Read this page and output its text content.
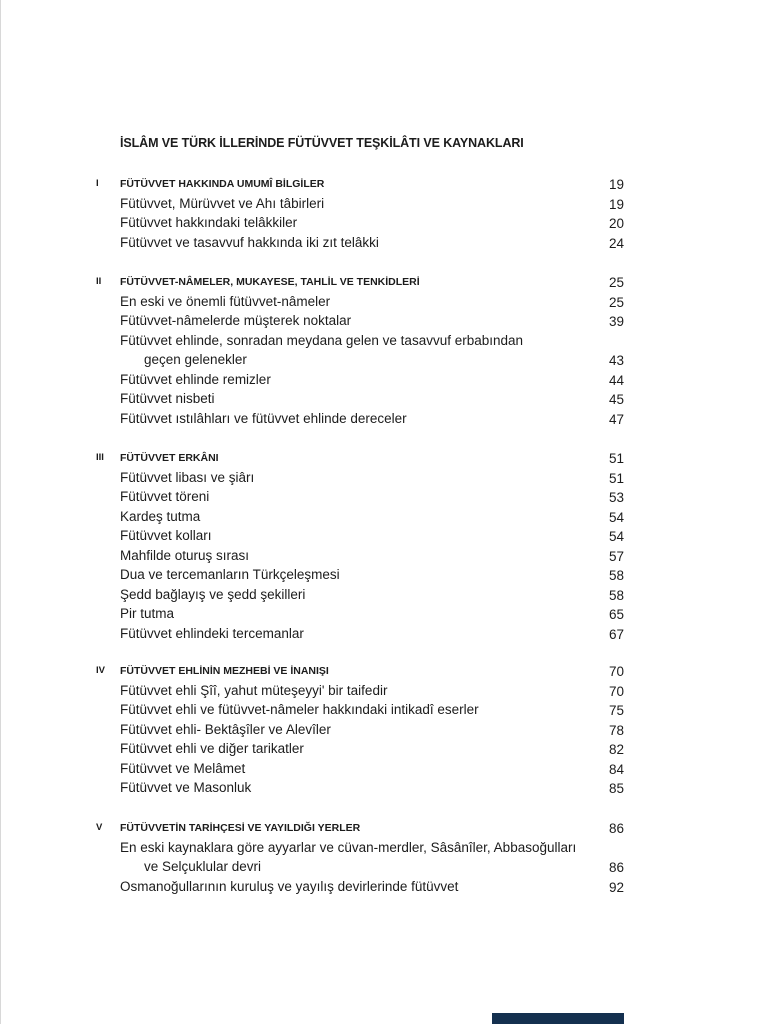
İSLÂM VE TÜRK İLLERİNDE FÜTÜVVET TEŞKİLÂTI VE KAYNAKLARI
I FÜTÜVVET HAKKINDA UMUMÎ BİLGİLER	19
Fütüvvet, Mürüvvet ve Ahı tâbirleri	19
Fütüvvet hakkındaki telâkkiler	20
Fütüvvet ve tasavvuf hakkında iki zıt telâkki	24
II FÜTÜVVET-NÂMELER, MUKAYESE, TAHLİL VE TENKİDLERİ	25
En eski ve önemli fütüvvet-nâmeler	25
Fütüvvet-nâmelerde müşterek noktalar	39
Fütüvvet ehlinde, sonradan meydana gelen ve tasavvuf erbabından
geçen gelenekler	43
Fütüvvet ehlinde remizler	44
Fütüvvet nisbeti	45
Fütüvvet ıstılâhları ve fütüvvet ehlinde dereceler	47
III FÜTÜVVET ERKÂNI	51
Fütüvvet libası ve şiârı	51
Fütüvvet töreni	53
Kardeş tutma	54
Fütüvvet kolları	54
Mahfilde oturuş sırası	57
Dua ve tercemanların Türkçeleşmesi	58
Şedd bağlayış ve şedd şekilleri	58
Pir tutma	65
Fütüvvet ehlindeki tercemanlar	67
IV FÜTÜVVET EHLİNİN MEZHEBİ VE İNANIŞI	70
Fütüvvet ehli Şîî, yahut müteşeyyi' bir taifedir	70
Fütüvvet ehli ve fütüvvet-nâmeler hakkındaki intikadî eserler	75
Fütüvvet ehli- Bektâşîler ve Alevîler	78
Fütüvvet ehli ve diğer tarikatler	82
Fütüvvet ve Melâmet	84
Fütüvvet ve Masonluk	85
V FÜTÜVVETİN TARİHÇESİ VE YAYILDIĞI YERLER	86
En eski kaynaklara göre ayyarlar ve cüvan-merdler, Sâsânîler, Abbasoğulları
ve Selçuklular devri	86
Osmanoğullarının kuruluş ve yayılış devirlerinde fütüvvet	92
